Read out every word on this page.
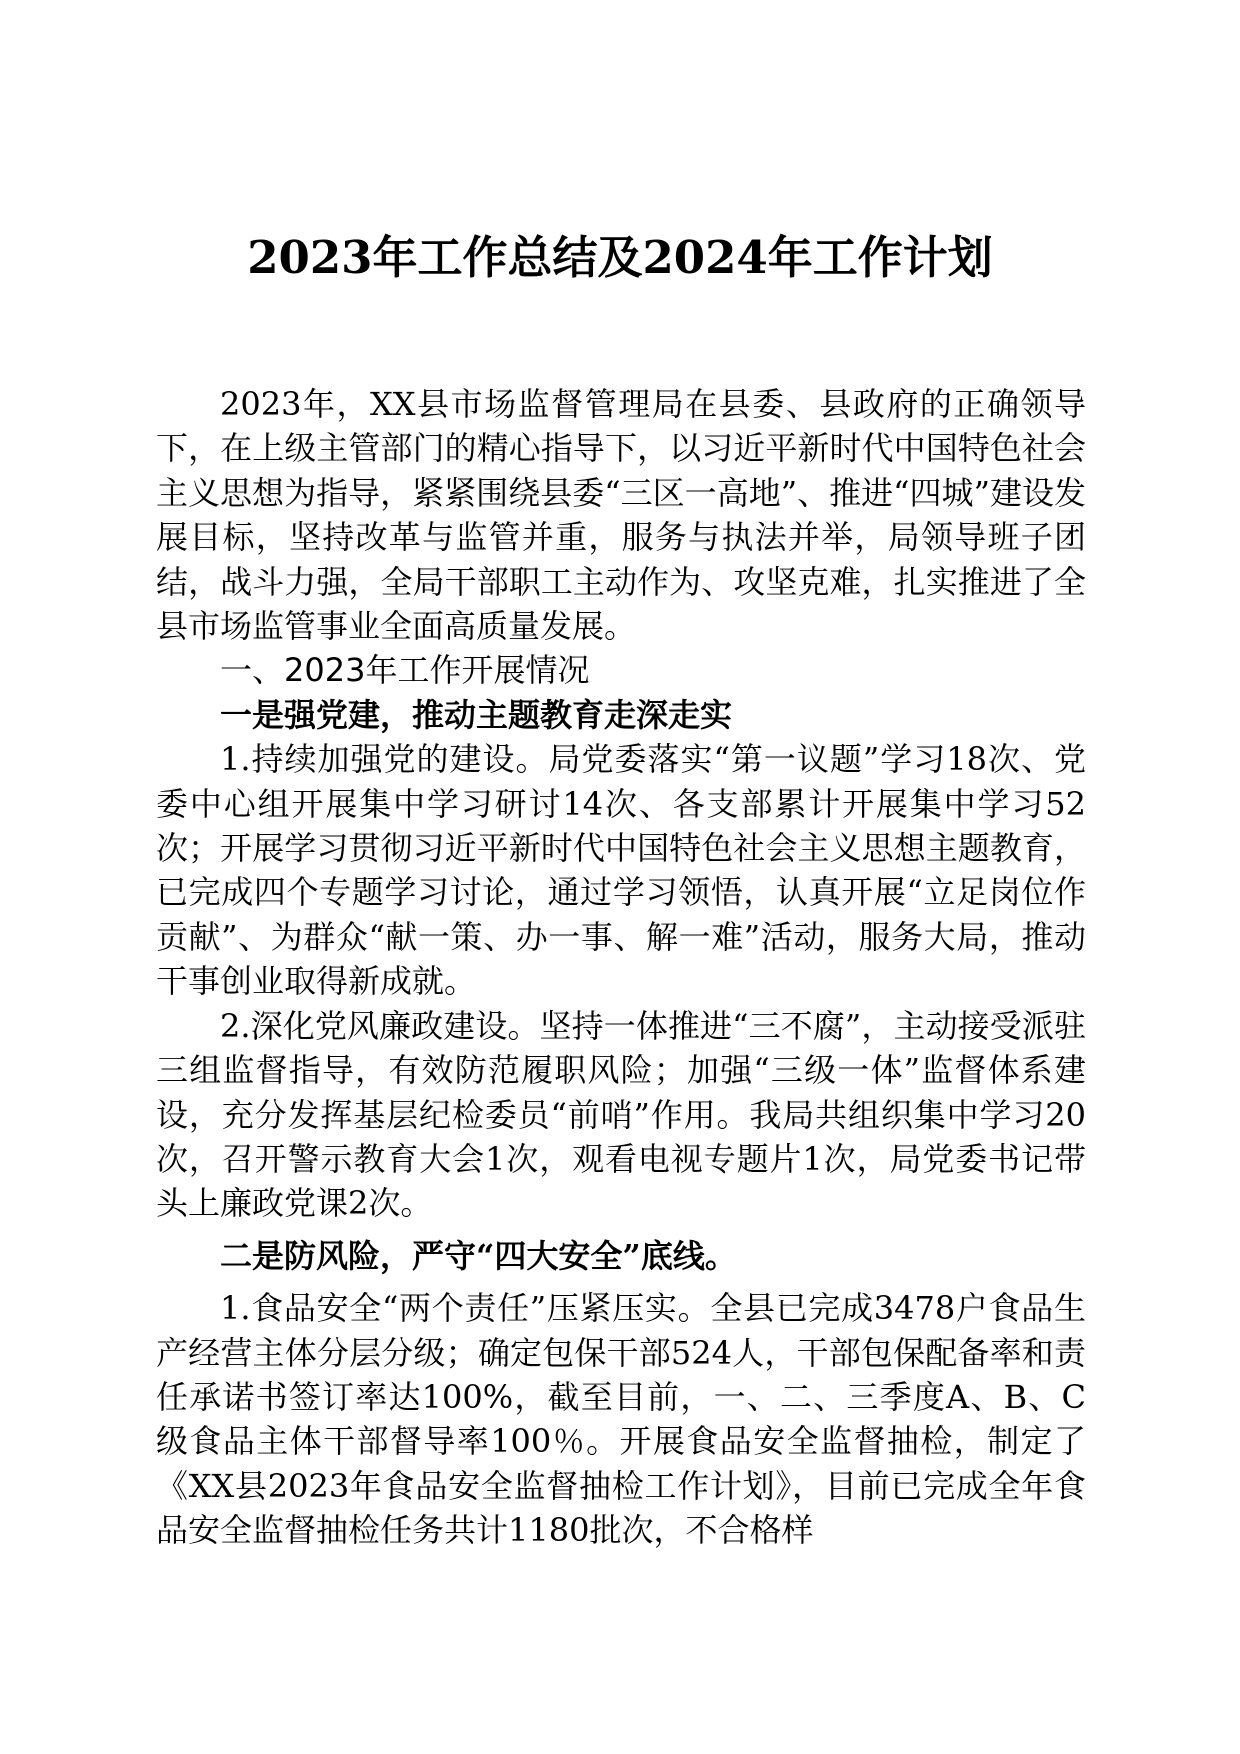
2023年工作总结及2024年工作计划

2023年，XX县市场监督管理局在县委、县政府的正确领导下，在上级主管部门的精心指导下，以习近平新时代中国特色社会主义思想为指导，紧紧围绕县委“三区一高地”、推进“四城”建设发展目标，坚持改革与监管并重，服务与执法并举，局领导班子团结，战斗力强，全局干部职工主动作为、攻坚克难，扎实推进了全县市场监管事业全面高质量发展。

一、2023年工作开展情况

一是强党建，推动主题教育走深走实

1.持续加强党的建设。局党委落实“第一议题”学习18次、党委中心组开展集中学习研讨14次、各支部累计开展集中学习52次；开展学习贯彻习近平新时代中国特色社会主义思想主题教育，已完成四个专题学习讨论，通过学习领悟，认真开展“立足岗位作贡献”、为群众“献一策、办一事、解一难”活动，服务大局，推动干事创业取得新成就。

2.深化党风廉政建设。坚持一体推进“三不腐”，主动接受派驻三组监督指导，有效防范履职风险；加强“三级一体”监督体系建设，充分发挥基层纪检委员“前哨”作用。我局共组织集中学习20次，召开警示教育大会1次，观看电视专题片1次，局党委书记带头上廉政党课2次。

二是防风险，严守“四大安全”底线。

1.食品安全“两个责任”压紧压实。全县已完成3478户食品生产经营主体分层分级；确定包保干部524人，干部包保配备率和责任承诺书签订率达100%，截至目前，一、二、三季度A、B、C级食品主体干部督导率100％。开展食品安全监督抽检，制定了《XX县2023年食品安全监督抽检工作计划》，目前已完成全年食品安全监督抽检任务共计1180批次，不合格样
